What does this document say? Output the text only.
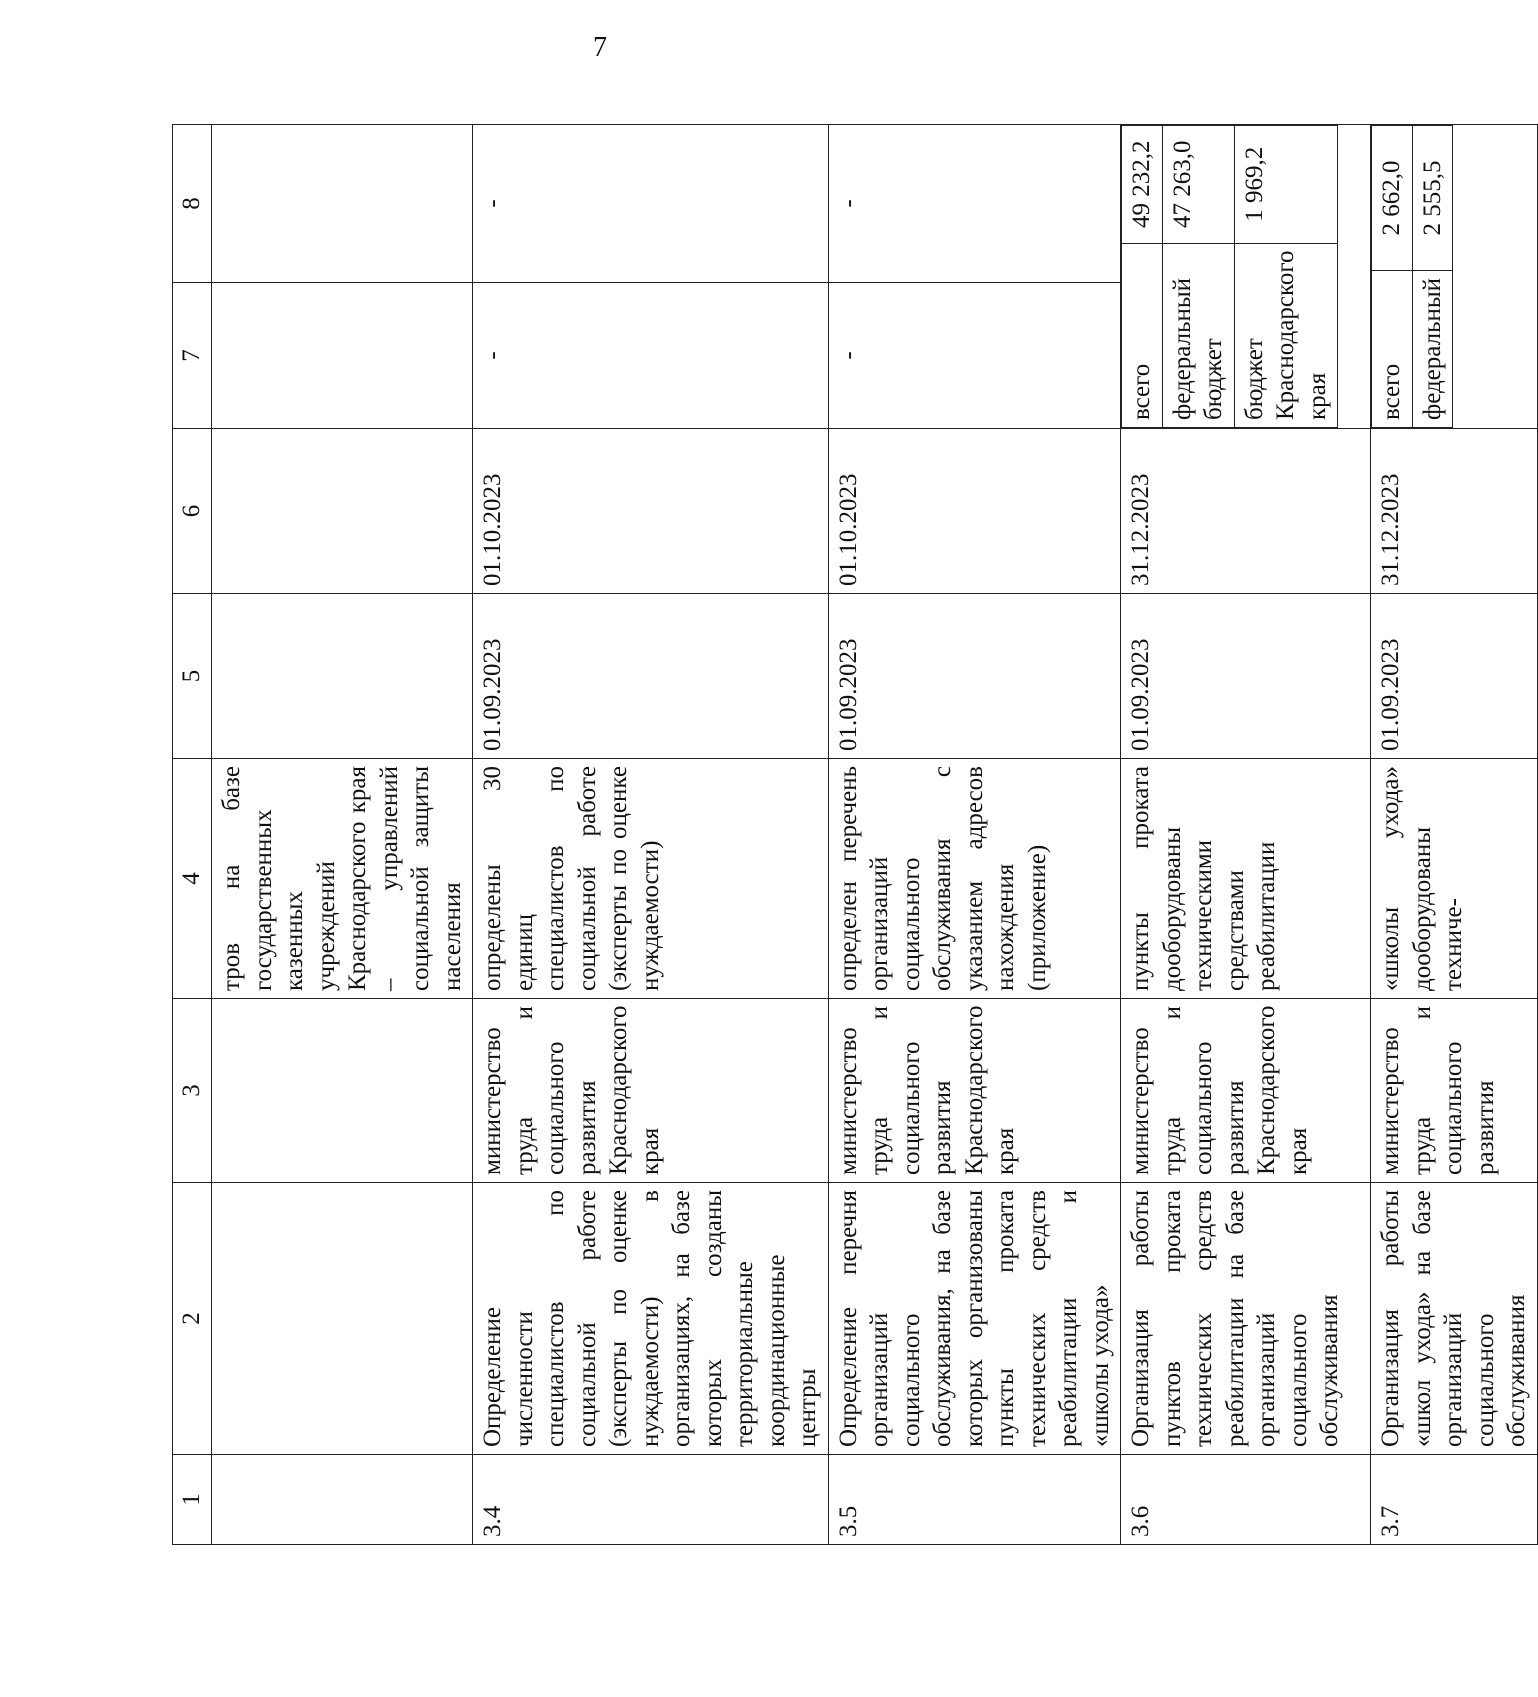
7
1	2	3	4	5	6	7	8
			тров на базе государственных казенных учреждений Краснодарского края – управлений социальной защиты населения				
3.4	Определение численности специалистов по социальной работе (эксперты по оценке нуждаемости) в организациях, на базе которых созданы территориальные координационные центры	министерство труда и социального развития Краснодарского края	определены 30 единиц специалистов по социальной работе (эксперты по оценке нуждаемости)	01.09.2023	01.10.2023	-	-
3.5	Определение перечня организаций социального обслуживания, на базе которых организованы пункты проката технических средств реабилитации и «школы ухода»	министерство труда и социального развития Краснодарского края	определен перечень организаций социального обслуживания с указанием адресов нахождения (приложение)	01.09.2023	01.10.2023	-	-
3.6	Организация работы пунктов проката технических средств реабилитации на базе организаций социального обслуживания	министерство труда и социального развития Краснодарского края	пункты проката дооборудованы техническими средствами реабилитации	01.09.2023	31.12.2023	
всего	49 232,2
федеральный бюджет	47 263,0
бюджет Краснодарского края	1 969,2

3.7	Организация работы «школ ухода» на базе организаций социального обслуживания	министерство труда и социального развития	«школы ухода» дооборудованы техниче-	01.09.2023	31.12.2023	
всего	2 662,0
федеральный	2 555,5
